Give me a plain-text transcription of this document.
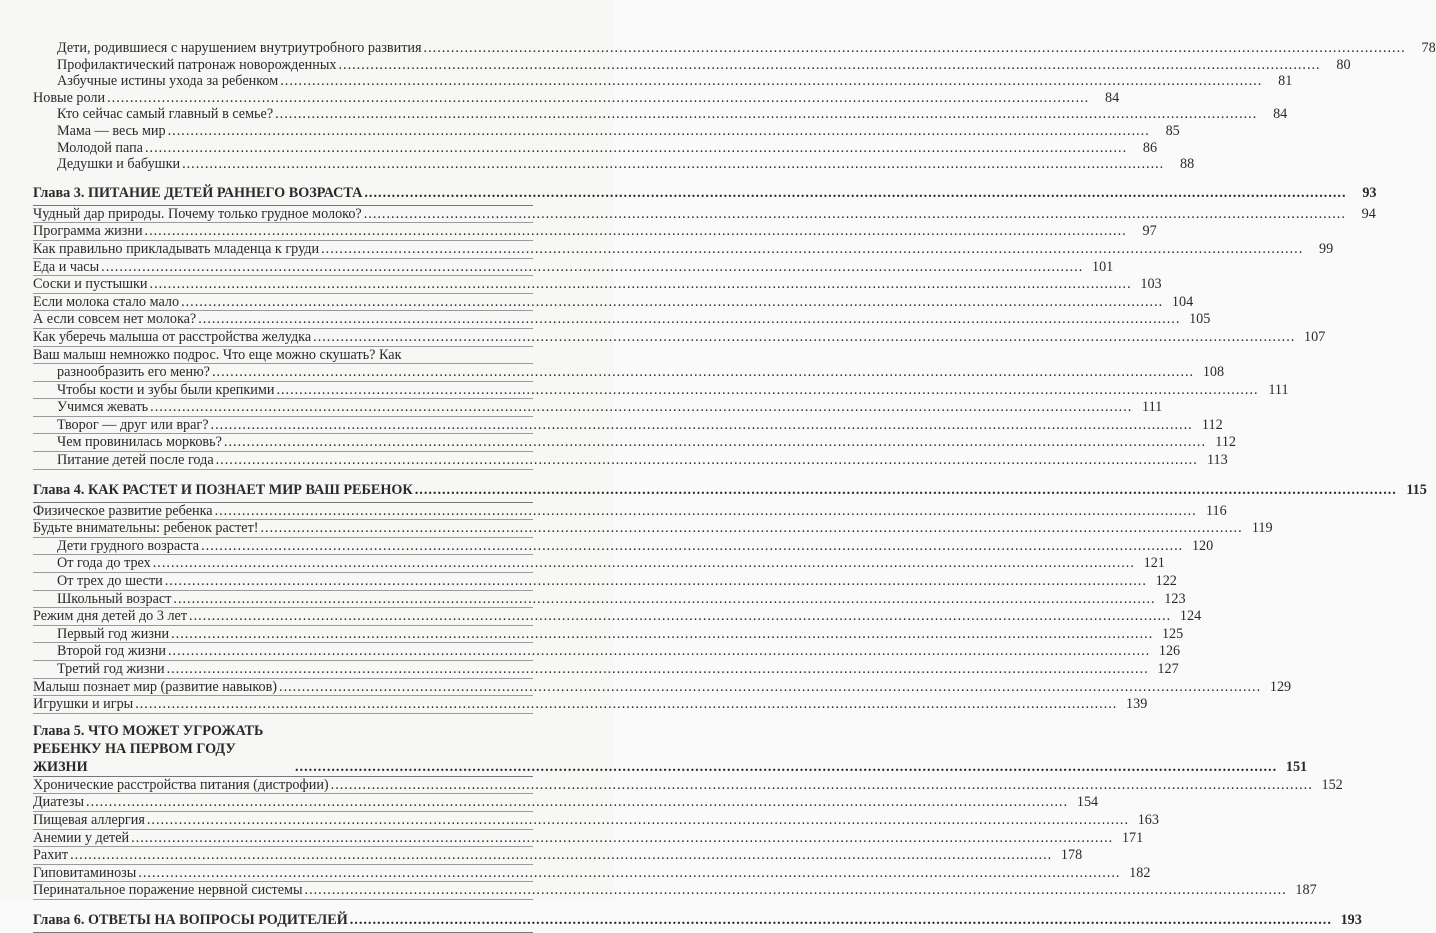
Дети, родившиеся с нарушением внутриутробного развития .....	78
Профилактический патронаж новорожденных .....	80
Азбучные истины ухода за ребенком .....	81
Новые роли .....	84
Кто сейчас самый главный в семье? .....	84
Мама — весь мир .....	85
Молодой папа .....	86
Дедушки и бабушки .....	88
Глава 3. ПИТАНИЕ ДЕТЕЙ РАННЕГО ВОЗРАСТА .....	93
Чудный дар природы. Почему только грудное молоко? .....	94
Программа жизни .....	97
Как правильно прикладывать младенца к груди .....	99
Еда и часы .....	101
Соски и пустышки .....	103
Если молока стало мало .....	104
А если совсем нет молока? .....	105
Как уберечь малыша от расстройства желудка .....	107
Ваш малыш немножко подрос. Что еще можно скушать? Как
разнообразить его меню? .....	108
Чтобы кости и зубы были крепкими .....	111
Учимся жевать .....	111
Творог — друг или враг? .....	112
Чем провинилась морковь? .....	112
Питание детей после года .....	113
Глава 4. КАК РАСТЕТ И ПОЗНАЕТ МИР ВАШ РЕБЕНОК .....	115
Физическое развитие ребенка .....	116
Будьте внимательны: ребенок растет! .....	119
Дети грудного возраста .....	120
От года до трех .....	121
От трех до шести .....	122
Школьный возраст .....	123
Режим дня детей до 3 лет .....	124
Первый год жизни .....	125
Второй год жизни .....	126
Третий год жизни .....	127
Малыш познает мир (развитие навыков) .....	129
Игрушки и игры .....	139
Глава 5. ЧТО МОЖЕТ УГРОЖАТЬ РЕБЕНКУ НА ПЕРВОМ ГОДУ ЖИЗНИ .....	151
Хронические расстройства питания (дистрофии) .....	152
Диатезы .....	154
Пищевая аллергия .....	163
Анемии у детей .....	171
Рахит .....	178
Гиповитаминозы .....	182
Перинатальное поражение нервной системы .....	187
Глава 6. ОТВЕТЫ НА ВОПРОСЫ РОДИТЕЛЕЙ .....	193
